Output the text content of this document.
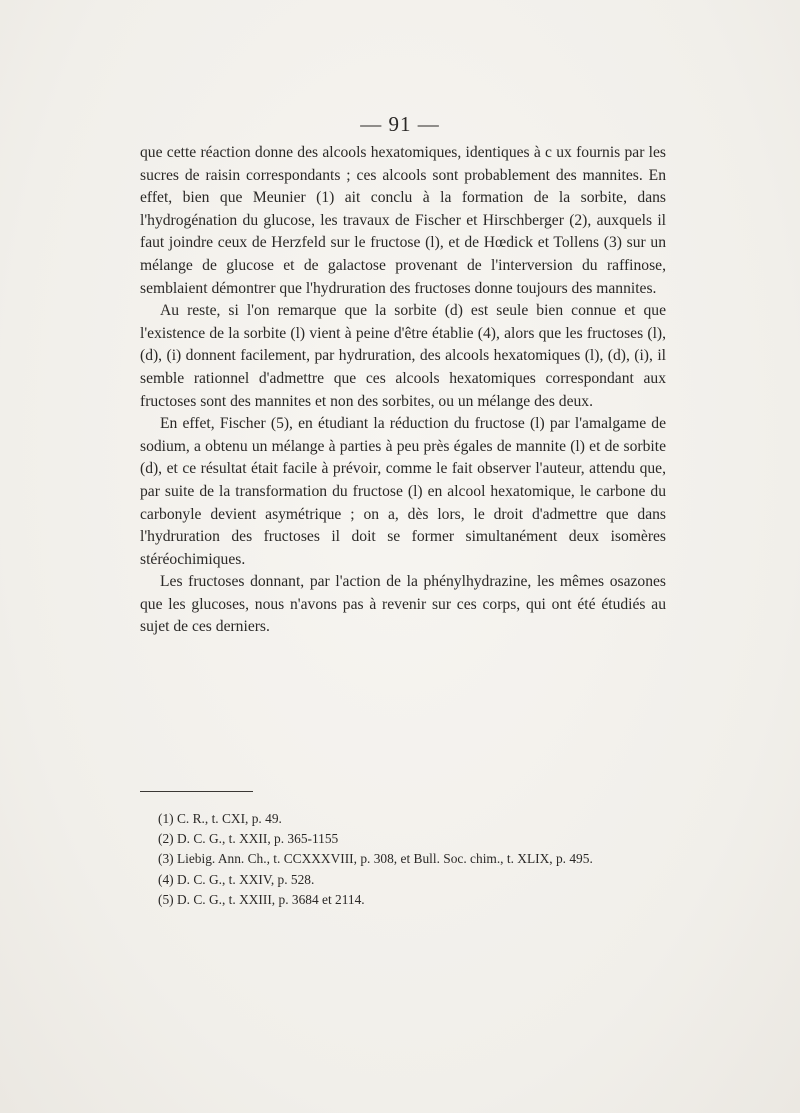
— 91 —

que cette réaction donne des alcools hexatomiques, identiques à c ux fournis par les sucres de raisin correspondants ; ces alcools sont probablement des mannites. En effet, bien que Meunier (1) ait conclu à la formation de la sorbite, dans l'hydrogénation du glucose, les travaux de Fischer et Hirschberger (2), auxquels il faut joindre ceux de Herzfeld sur le fructose (l), et de Hœdick et Tollens (3) sur un mélange de glucose et de galactose provenant de l'interversion du raffinose, semblaient démontrer que l'hydruration des fructoses donne toujours des mannites.

Au reste, si l'on remarque que la sorbite (d) est seule bien connue et que l'existence de la sorbite (l) vient à peine d'être établie (4), alors que les fructoses (l), (d), (i) donnent facilement, par hydruration, des alcools hexatomiques (l), (d), (i), il semble rationnel d'admettre que ces alcools hexatomiques correspondant aux fructoses sont des mannites et non des sorbites, ou un mélange des deux.

En effet, Fischer (5), en étudiant la réduction du fructose (l) par l'amalgame de sodium, a obtenu un mélange à parties à peu près égales de mannite (l) et de sorbite (d), et ce résultat était facile à prévoir, comme le fait observer l'auteur, attendu que, par suite de la transformation du fructose (l) en alcool hexatomique, le carbone du carbonyle devient asymétrique ; on a, dès lors, le droit d'admettre que dans l'hydruration des fructoses il doit se former simultanément deux isomères stéréochimiques.

Les fructoses donnant, par l'action de la phénylhydrazine, les mêmes osazones que les glucoses, nous n'avons pas à revenir sur ces corps, qui ont été étudiés au sujet de ces derniers.

(1) C. R., t. CXI, p. 49.

(2) D. C. G., t. XXII, p. 365-1155

(3) Liebig. Ann. Ch., t. CCXXXVIII, p. 308, et Bull. Soc. chim., t. XLIX, p. 495.

(4) D. C. G., t. XXIV, p. 528.

(5) D. C. G., t. XXIII, p. 3684 et 2114.
